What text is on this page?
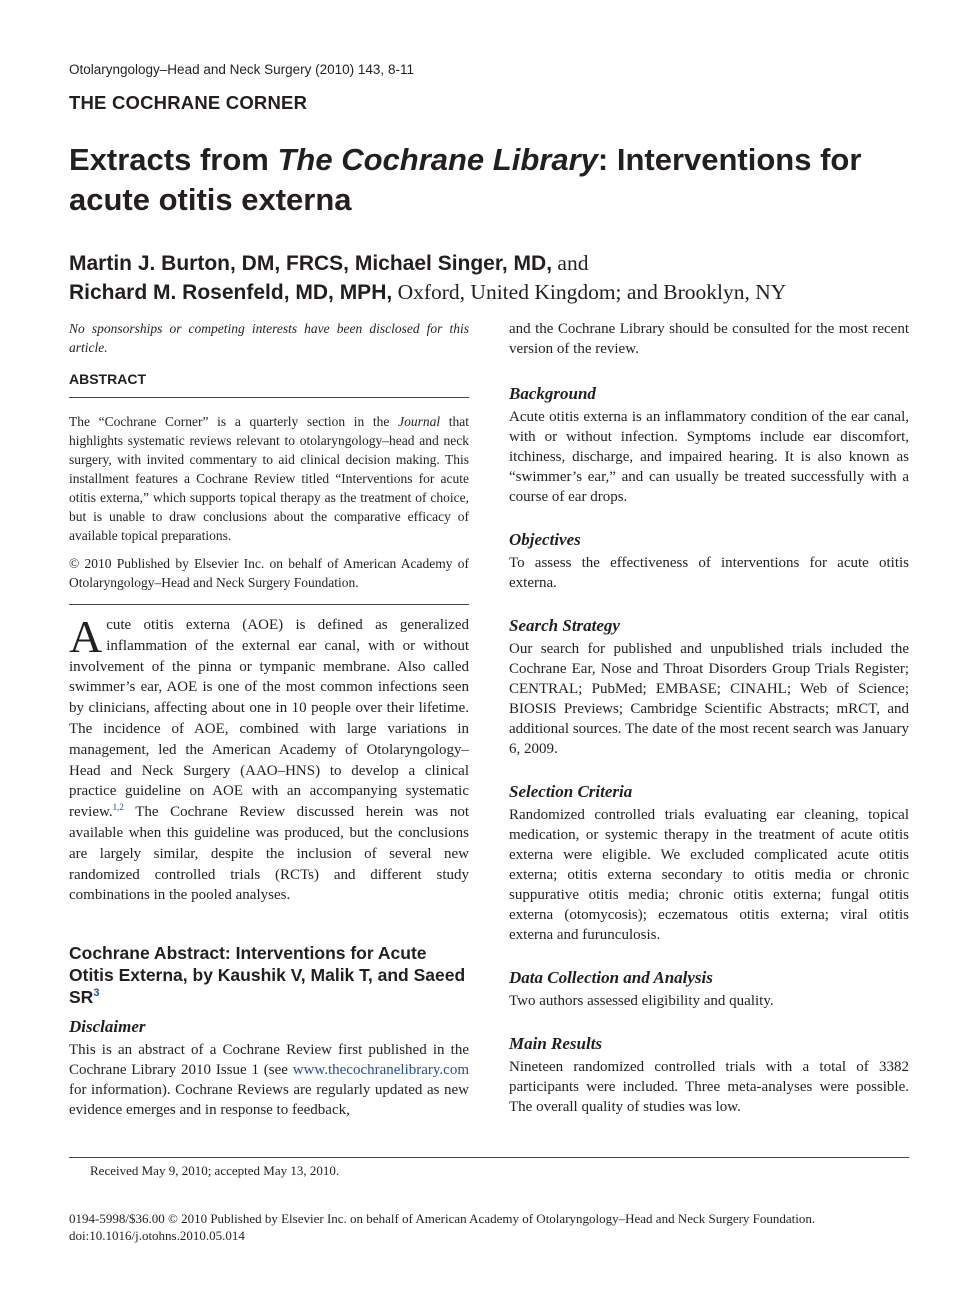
Otolaryngology–Head and Neck Surgery (2010) 143, 8-11
THE COCHRANE CORNER
Extracts from The Cochrane Library: Interventions for acute otitis externa
Martin J. Burton, DM, FRCS, Michael Singer, MD, and
Richard M. Rosenfeld, MD, MPH, Oxford, United Kingdom; and Brooklyn, NY

No sponsorships or competing interests have been disclosed for this article.

ABSTRACT

The “Cochrane Corner” is a quarterly section in the Journal that highlights systematic reviews relevant to otolaryngology–head and neck surgery, with invited commentary to aid clinical decision making. This installment features a Cochrane Review titled “Interventions for acute otitis externa,” which supports topical therapy as the treatment of choice, but is unable to draw conclusions about the comparative efficacy of available topical preparations.

© 2010 Published by Elsevier Inc. on behalf of American Academy of Otolaryngology–Head and Neck Surgery Foundation.

Acute otitis externa (AOE) is defined as generalized inflammation of the external ear canal, with or without involvement of the pinna or tympanic membrane. Also called swimmer’s ear, AOE is one of the most common infections seen by clinicians, affecting about one in 10 people over their lifetime. The incidence of AOE, combined with large variations in management, led the American Academy of Otolaryngology–Head and Neck Surgery (AAO–HNS) to develop a clinical practice guideline on AOE with an accompanying systematic review.$^{1,2}$ The Cochrane Review discussed herein was not available when this guideline was produced, but the conclusions are largely similar, despite the inclusion of several new randomized controlled trials (RCTs) and different study combinations in the pooled analyses.

Cochrane Abstract: Interventions for Acute Otitis Externa, by Kaushik V, Malik T, and Saeed $SR^3$
Disclaimer

This is an abstract of a Cochrane Review first published in the Cochrane Library 2010 Issue 1 (see www.thecochranelibrary.com for information). Cochrane Reviews are regularly updated as new evidence emerges and in response to feedback,

and the Cochrane Library should be consulted for the most recent version of the review.

Background

Acute otitis externa is an inflammatory condition of the ear canal, with or without infection. Symptoms include ear discomfort, itchiness, discharge, and impaired hearing. It is also known as “swimmer’s ear,” and can usually be treated successfully with a course of ear drops.

Objectives

To assess the effectiveness of interventions for acute otitis externa.

Search Strategy

Our search for published and unpublished trials included the Cochrane Ear, Nose and Throat Disorders Group Trials Register; CENTRAL; PubMed; EMBASE; CINAHL; Web of Science; BIOSIS Previews; Cambridge Scientific Abstracts; mRCT, and additional sources. The date of the most recent search was January 6, 2009.

Selection Criteria

Randomized controlled trials evaluating ear cleaning, topical medication, or systemic therapy in the treatment of acute otitis externa were eligible. We excluded complicated acute otitis externa; otitis externa secondary to otitis media or chronic suppurative otitis media; chronic otitis externa; fungal otitis externa (otomycosis); eczematous otitis externa; viral otitis externa and furunculosis.

Data Collection and Analysis

Two authors assessed eligibility and quality.

Main Results

Nineteen randomized controlled trials with a total of 3382 participants were included. Three meta-analyses were possible. The overall quality of studies was low.

Received May 9, 2010; accepted May 13, 2010.
0194-5998/$36.00 © 2010 Published by Elsevier Inc. on behalf of American Academy of Otolaryngology–Head and Neck Surgery Foundation.
doi:10.1016/j.otohns.2010.05.014
